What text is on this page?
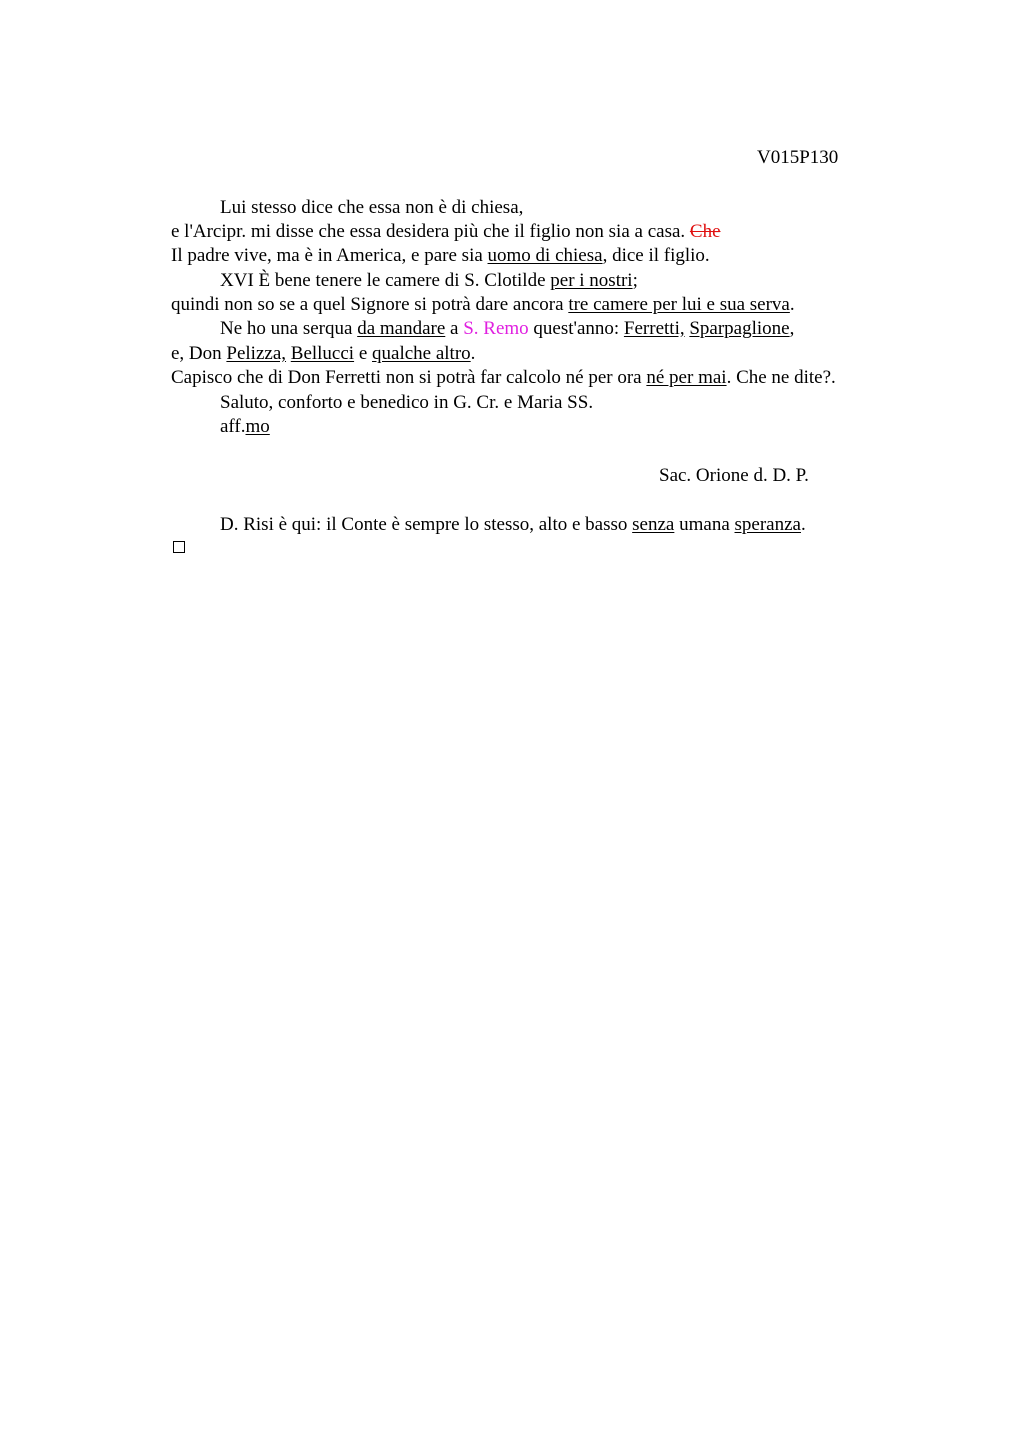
V015P130
Lui stesso dice che essa non è di chiesa,
e l'Arcipr. mi disse che essa desidera più che il figlio non sia a casa. Che
Il padre vive, ma è in America, e pare sia uomo di chiesa, dice il figlio.
XVI È bene tenere le camere di S. Clotilde per i nostri;
quindi non so se a quel Signore si potrà dare ancora tre camere per lui e sua serva.
Ne ho una serqua da mandare a S. Remo quest'anno: Ferretti, Sparpaglione,
e, Don Pelizza, Bellucci e qualche altro.
Capisco che di Don Ferretti non si potrà far calcolo né per ora né per mai. Che ne dite?.
Saluto, conforto e benedico in G. Cr. e Maria SS.
aff.mo
Sac. Orione d. D. P.
D. Risi è qui: il Conte è sempre lo stesso, alto e basso senza umana speranza.
